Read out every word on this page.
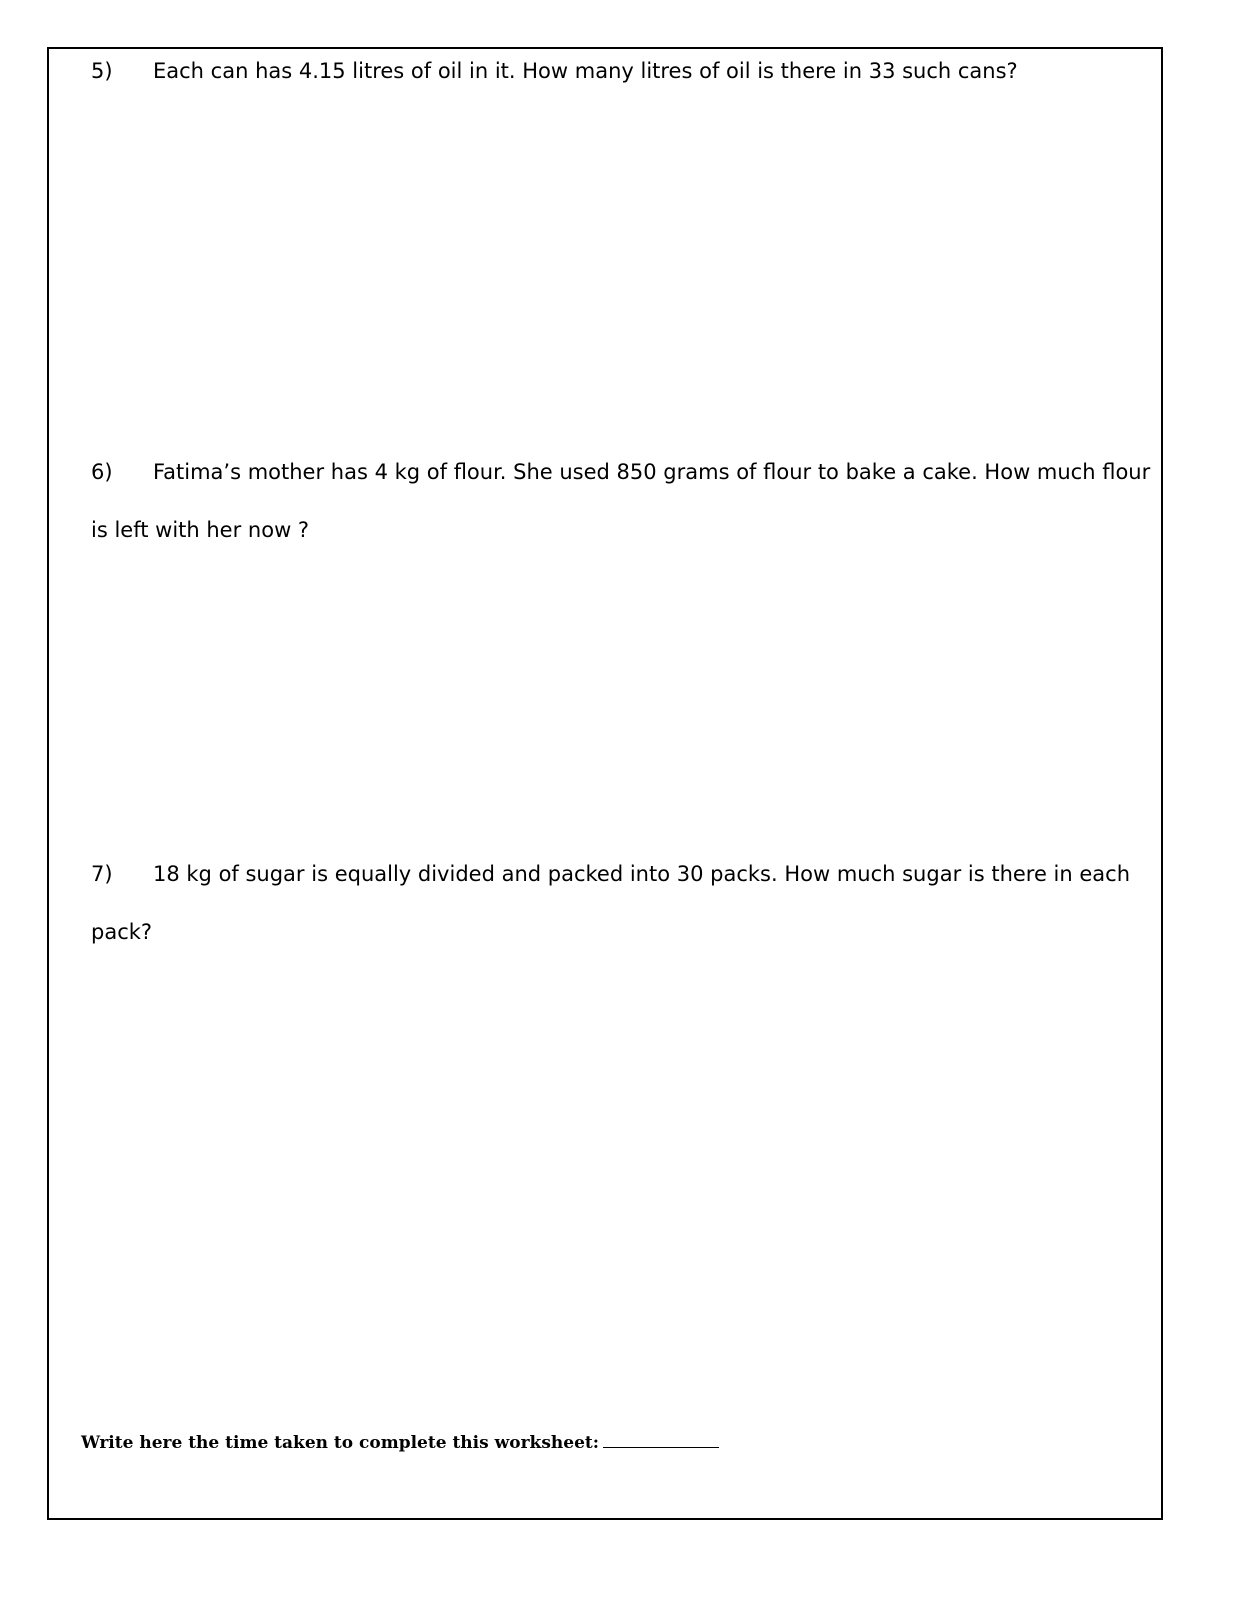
5) Each can has 4.15 litres of oil in it. How many litres of oil is there in 33 such cans?
6) Fatima’s mother has 4 kg of flour. She used 850 grams of flour to bake a cake. How much flour is left with her now ?
7) 18 kg of sugar is equally divided and packed into 30 packs. How much sugar is there in each pack?
Write here the time taken to complete this worksheet:
